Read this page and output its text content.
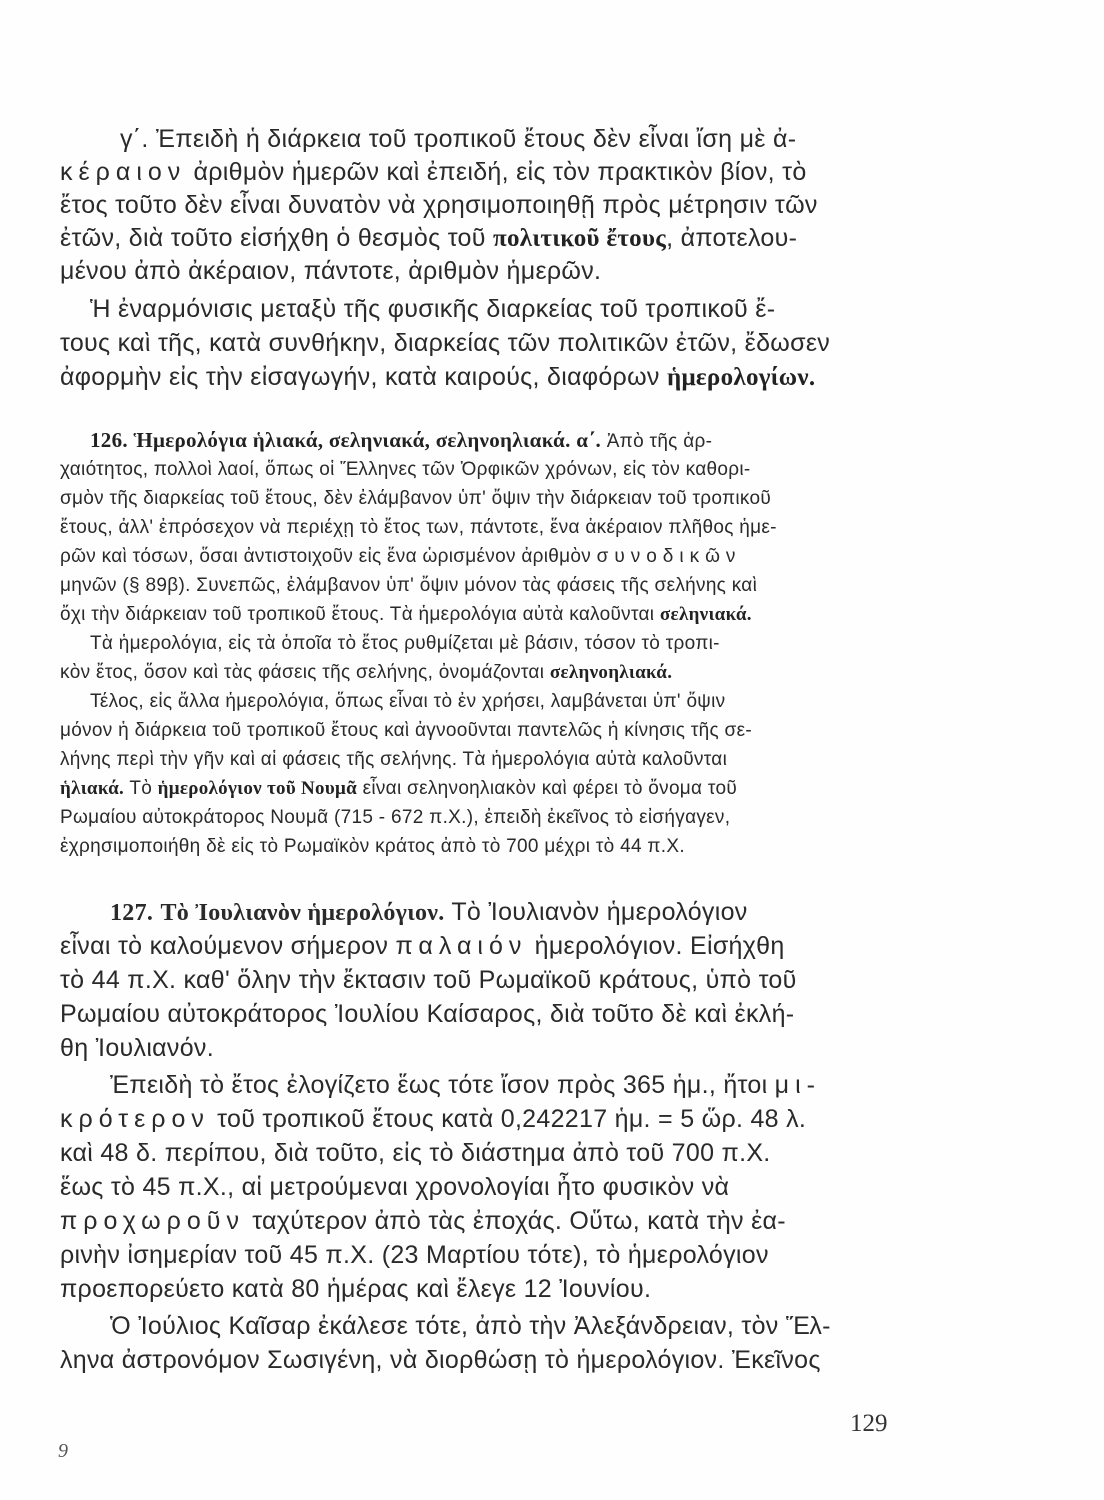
γ΄. Ἐπειδὴ ἡ διάρκεια τοῦ τροπικοῦ ἔτους δὲν εἶναι ἴση μὲ ἀ-
κέραιον ἀριθμὸν ἡμερῶν καὶ ἐπειδή, εἰς τὸν πρακτικὸν βίον, τὸ
ἔτος τοῦτο δὲν εἶναι δυνατὸν νὰ χρησιμοποιηθῇ πρὸς μέτρησιν τῶν
ἐτῶν, διὰ τοῦτο εἰσήχθη ὁ θεσμὸς τοῦ πολιτικοῦ ἔτους, ἀποτελου-
μένου ἀπὸ ἀκέραιον, πάντοτε, ἀριθμὸν ἡμερῶν.
Ἡ ἐναρμόνισις μεταξὺ τῆς φυσικῆς διαρκείας τοῦ τροπικοῦ ἔ-
τους καὶ τῆς, κατὰ συνθήκην, διαρκείας τῶν πολιτικῶν ἐτῶν, ἔδωσεν
ἀφορμὴν εἰς τὴν εἰσαγωγήν, κατὰ καιρούς, διαφόρων ἡμερολογίων.
126. Ἡμερολόγια ἡλιακά, σεληνιακά, σεληνοηλιακά. α΄. Ἀπὸ τῆς ἀρ-
χαιότητος, πολλοὶ λαοί, ὅπως οἱ Ἕλληνες τῶν Ὀρφικῶν χρόνων, εἰς τὸν καθορι-
σμὸν τῆς διαρκείας τοῦ ἔτους, δὲν ἐλάμβανον ὑπ' ὄψιν τὴν διάρκειαν τοῦ τροπικοῦ
ἔτους, ἀλλ' ἐπρόσεχον νὰ περιέχῃ τὸ ἔτος των, πάντοτε, ἕνα ἀκέραιον πλῆθος ἡμε-
ρῶν καὶ τόσων, ὅσαι ἀντιστοιχοῦν εἰς ἕνα ὡρισμένον ἀριθμὸν συνοδικῶν
μηνῶν (§ 89β). Συνεπῶς, ἐλάμβανον ὑπ' ὄψιν μόνον τὰς φάσεις τῆς σελήνης καὶ
ὄχι τὴν διάρκειαν τοῦ τροπικοῦ ἔτους. Τὰ ἡμερολόγια αὐτὰ καλοῦνται σεληνιακά.
Τὰ ἡμερολόγια, εἰς τὰ ὁποῖα τὸ ἔτος ρυθμίζεται μὲ βάσιν, τόσον τὸ τροπι-
κὸν ἔτος, ὅσον καὶ τὰς φάσεις τῆς σελήνης, ὀνομάζονται σεληνοηλιακά.
Τέλος, εἰς ἄλλα ἡμερολόγια, ὅπως εἶναι τὸ ἐν χρήσει, λαμβάνεται ὑπ' ὄψιν
μόνον ἡ διάρκεια τοῦ τροπικοῦ ἔτους καὶ ἀγνοοῦνται παντελῶς ἡ κίνησις τῆς σε-
λήνης περὶ τὴν γῆν καὶ αἱ φάσεις τῆς σελήνης. Τὰ ἡμερολόγια αὐτὰ καλοῦνται
ἡλιακά. Τὸ ἡμερολόγιον τοῦ Νουμᾶ εἶναι σεληνοηλιακὸν καὶ φέρει τὸ ὄνομα τοῦ
Ρωμαίου αὐτοκράτορος Νουμᾶ (715 - 672 π.Χ.), ἐπειδὴ ἐκεῖνος τὸ εἰσήγαγεν,
ἐχρησιμοποιήθη δὲ εἰς τὸ Ρωμαϊκὸν κράτος ἀπὸ τὸ 700 μέχρι τὸ 44 π.Χ.
127. Τὸ Ἰουλιανὸν ἡμερολόγιον. Τὸ Ἰουλιανὸν ἡμερολόγιον
εἶναι τὸ καλούμενον σήμερον παλαιόν ἡμερολόγιον. Εἰσήχθη
τὸ 44 π.Χ. καθ' ὅλην τὴν ἔκτασιν τοῦ Ρωμαϊκοῦ κράτους, ὑπὸ τοῦ
Ρωμαίου αὐτοκράτορος Ἰουλίου Καίσαρος, διὰ τοῦτο δὲ καὶ ἐκλή-
θη Ἰουλιανόν.
Ἐπειδὴ τὸ ἔτος ἐλογίζετο ἕως τότε ἴσον πρὸς 365 ἡμ., ἤτοι μι-
κρότερον τοῦ τροπικοῦ ἔτους κατὰ 0,242217 ἡμ. = 5 ὥρ. 48 λ.
καὶ 48 δ. περίπου, διὰ τοῦτο, εἰς τὸ διάστημα ἀπὸ τοῦ 700 π.Χ.
ἕως τὸ 45 π.Χ., αἱ μετρούμεναι χρονολογίαι ἦτο φυσικὸν νὰ
προχωροῦν ταχύτερον ἀπὸ τὰς ἐποχάς. Οὕτω, κατὰ τὴν ἐα-
ρινὴν ἰσημερίαν τοῦ 45 π.Χ. (23 Μαρτίου τότε), τὸ ἡμερολόγιον
προεπορεύετο κατὰ 80 ἡμέρας καὶ ἔλεγε 12 Ἰουνίου.
Ὁ Ἰούλιος Καῖσαρ ἐκάλεσε τότε, ἀπὸ τὴν Ἀλεξάνδρειαν, τὸν Ἕλ-
ληνα ἀστρονόμον Σωσιγένη, νὰ διορθώσῃ τὸ ἡμερολόγιον. Ἐκεῖνος
9
129
